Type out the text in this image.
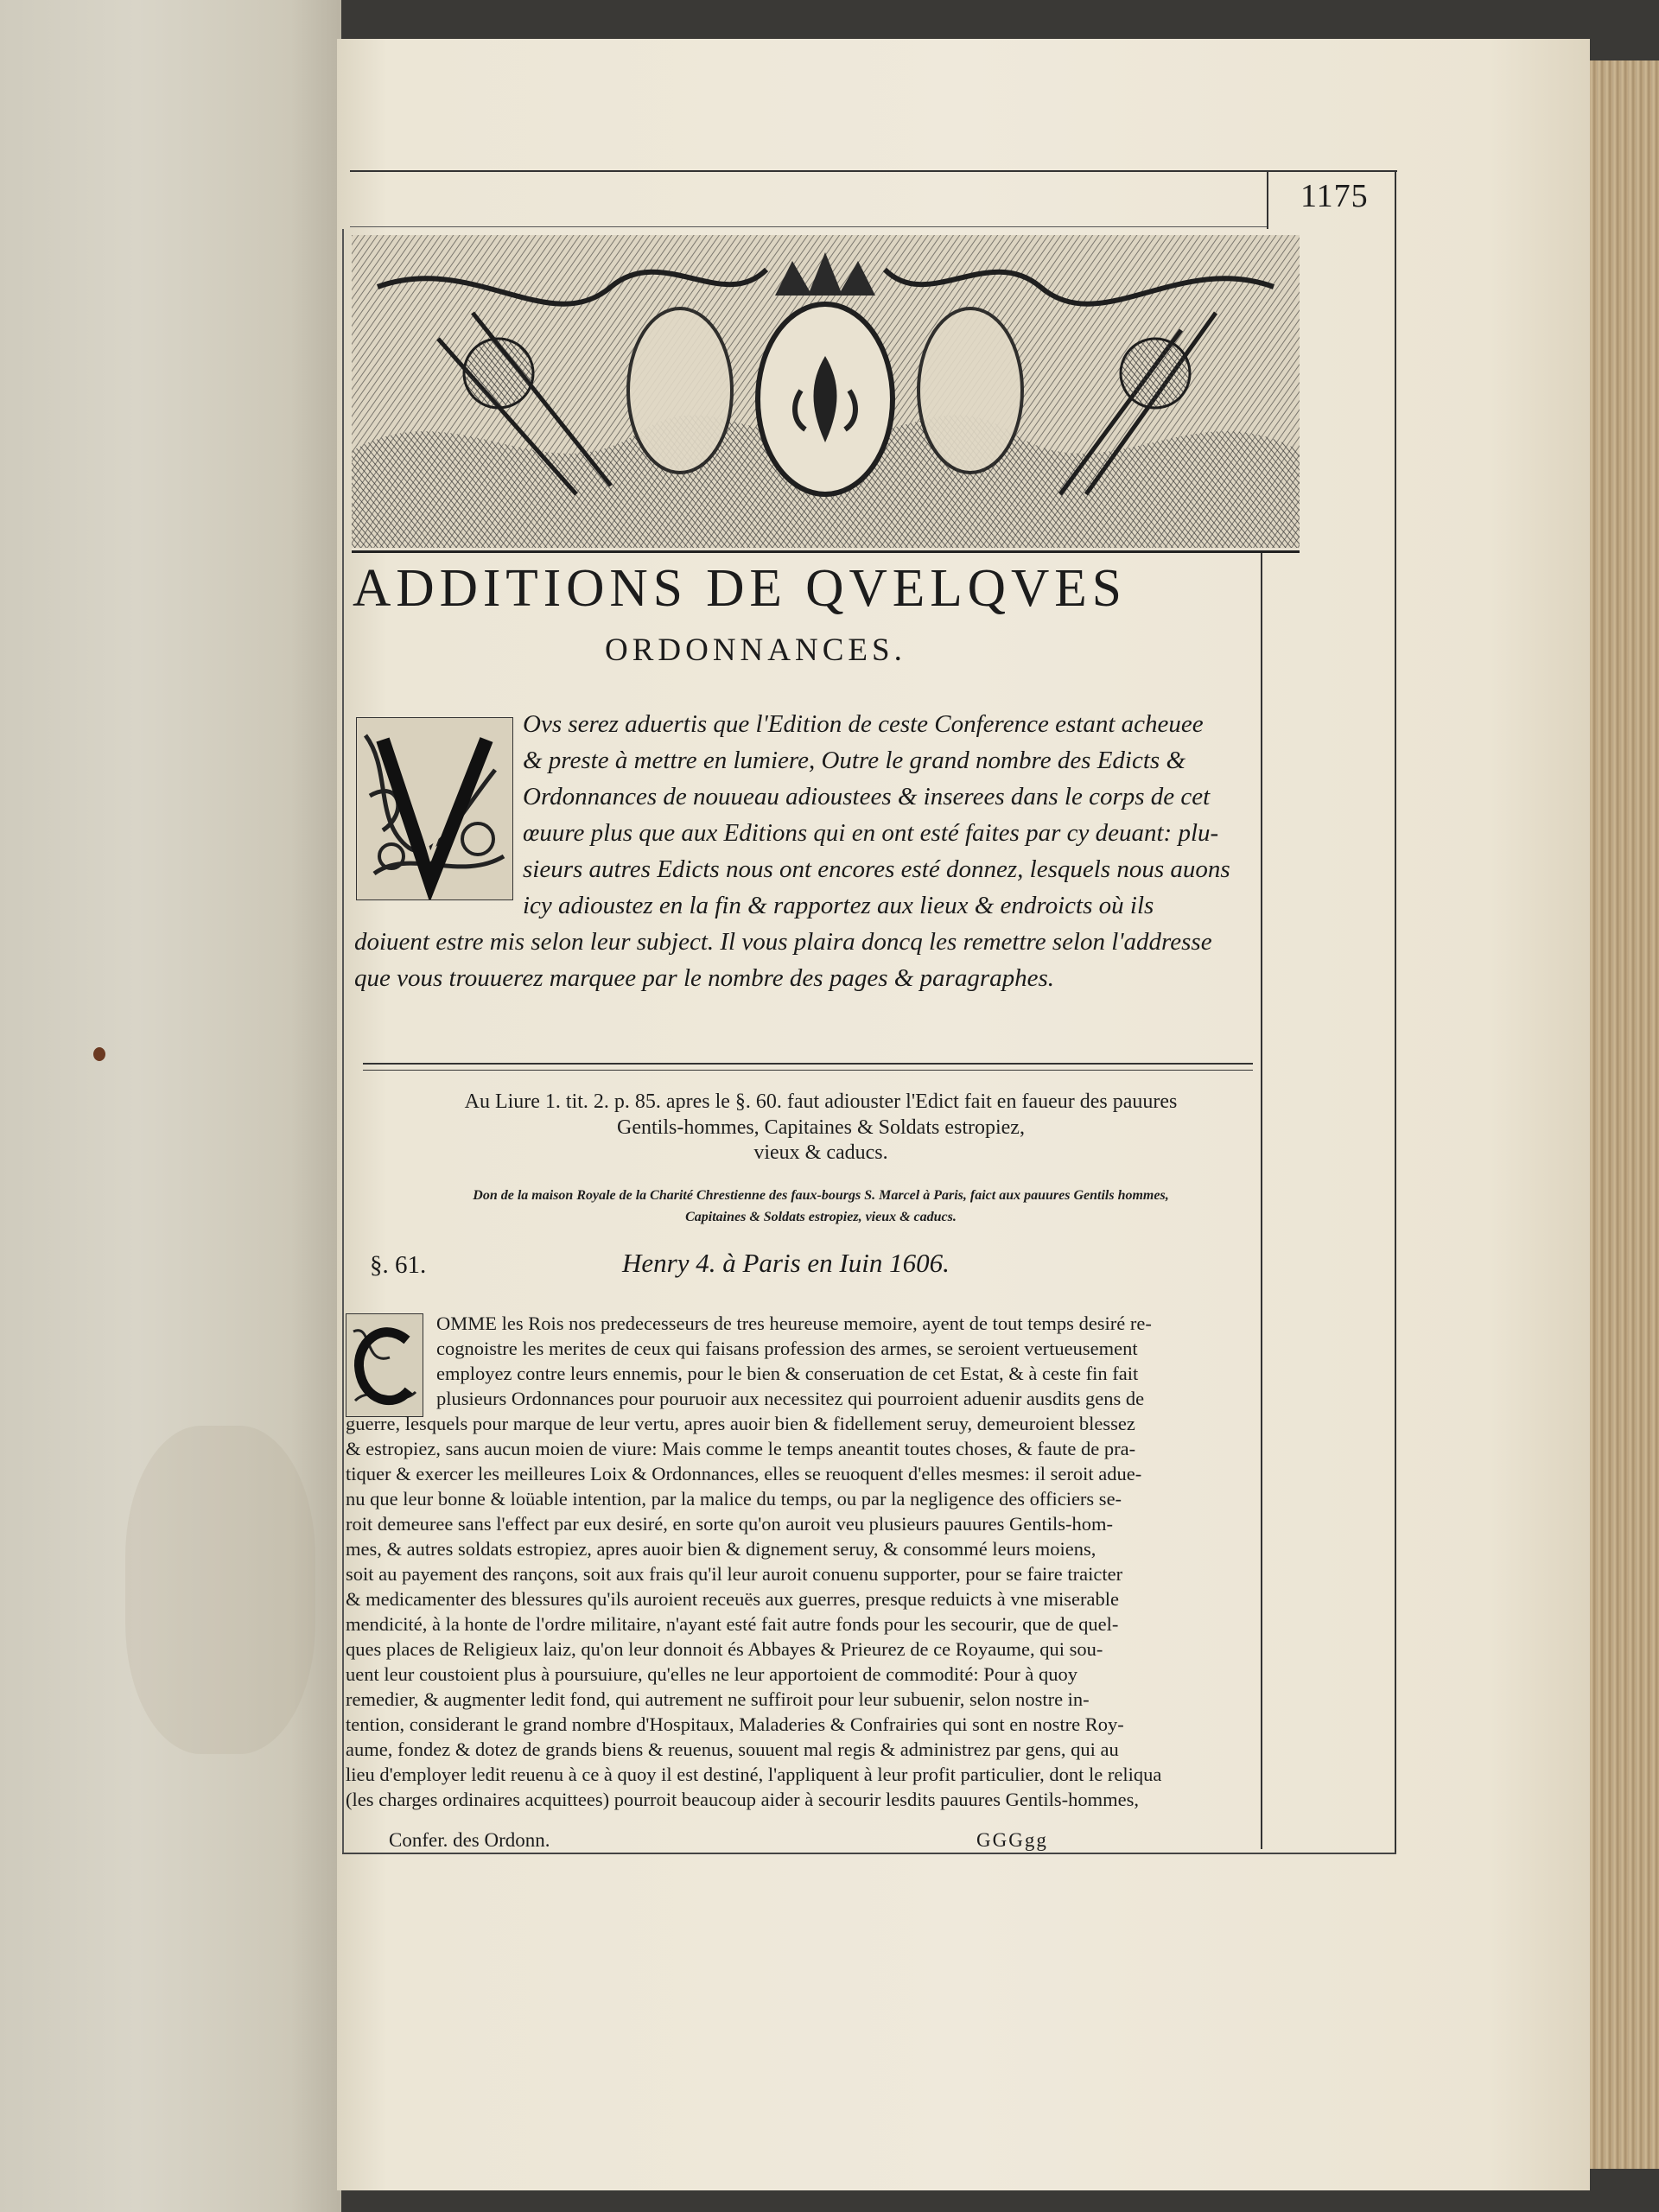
1175
ADDITIONS DE QVELQVES
ORDONNANCES.
Ovs serez aduertis que l'Edition de ceste Conference estant acheuee
& preste à mettre en lumiere, Outre le grand nombre des Edicts &
Ordonnances de nouueau adioustees & inserees dans le corps de cet
œuure plus que aux Editions qui en ont esté faites par cy deuant: plu-
sieurs autres Edicts nous ont encores esté donnez, lesquels nous auons
icy adioustez en la fin & rapportez aux lieux & endroicts où ils
doiuent estre mis selon leur subject. Il vous plaira doncq les remettre selon l'addresse
que vous trouuerez marquee par le nombre des pages & paragraphes.
Au Liure 1. tit. 2. p. 85. apres le §. 60. faut adiouster l'Edict fait en faueur des pauures
Gentils-hommes, Capitaines & Soldats estropiez,
vieux & caducs.
Don de la maison Royale de la Charité Chrestienne des faux-bourgs S. Marcel à Paris, faict aux pauures Gentils hommes,
Capitaines & Soldats estropiez, vieux & caducs.
§. 61.	Henry 4. à Paris en Iuin 1606.
OMME les Rois nos predecesseurs de tres heureuse memoire, ayent de tout temps desiré re-
cognoistre les merites de ceux qui faisans profession des armes, se seroient vertueusement
employez contre leurs ennemis, pour le bien & conseruation de cet Estat, & à ceste fin fait
plusieurs Ordonnances pour pouruoir aux necessitez qui pourroient aduenir ausdits gens de
guerre, lesquels pour marque de leur vertu, apres auoir bien & fidellement seruy, demeuroient blessez
& estropiez, sans aucun moien de viure: Mais comme le temps aneantit toutes choses, & faute de pra-
tiquer & exercer les meilleures Loix & Ordonnances, elles se reuoquent d'elles mesmes: il seroit adue-
nu que leur bonne & loüable intention, par la malice du temps, ou par la negligence des officiers se-
roit demeuree sans l'effect par eux desiré, en sorte qu'on auroit veu plusieurs pauures Gentils-hom-
mes, & autres soldats estropiez, apres auoir bien & dignement seruy, & consommé leurs moiens,
soit au payement des rançons, soit aux frais qu'il leur auroit conuenu supporter, pour se faire traicter
& medicamenter des blessures qu'ils auroient receuës aux guerres, presque reduicts à vne miserable
mendicité, à la honte de l'ordre militaire, n'ayant esté fait autre fonds pour les secourir, que de quel-
ques places de Religieux laiz, qu'on leur donnoit és Abbayes & Prieurez de ce Royaume, qui sou-
uent leur coustoient plus à poursuiure, qu'elles ne leur apportoient de commodité: Pour à quoy
remedier, & augmenter ledit fond, qui autrement ne suffiroit pour leur subuenir, selon nostre in-
tention, considerant le grand nombre d'Hospitaux, Maladeries & Confrairies qui sont en nostre Roy-
aume, fondez & dotez de grands biens & reuenus, souuent mal regis & administrez par gens, qui au
lieu d'employer ledit reuenu à ce à quoy il est destiné, l'appliquent à leur profit particulier, dont le reliqua
(les charges ordinaires acquittees) pourroit beaucoup aider à secourir lesdits pauures Gentils-hommes,
Confer. des Ordonn.	GGGgg
